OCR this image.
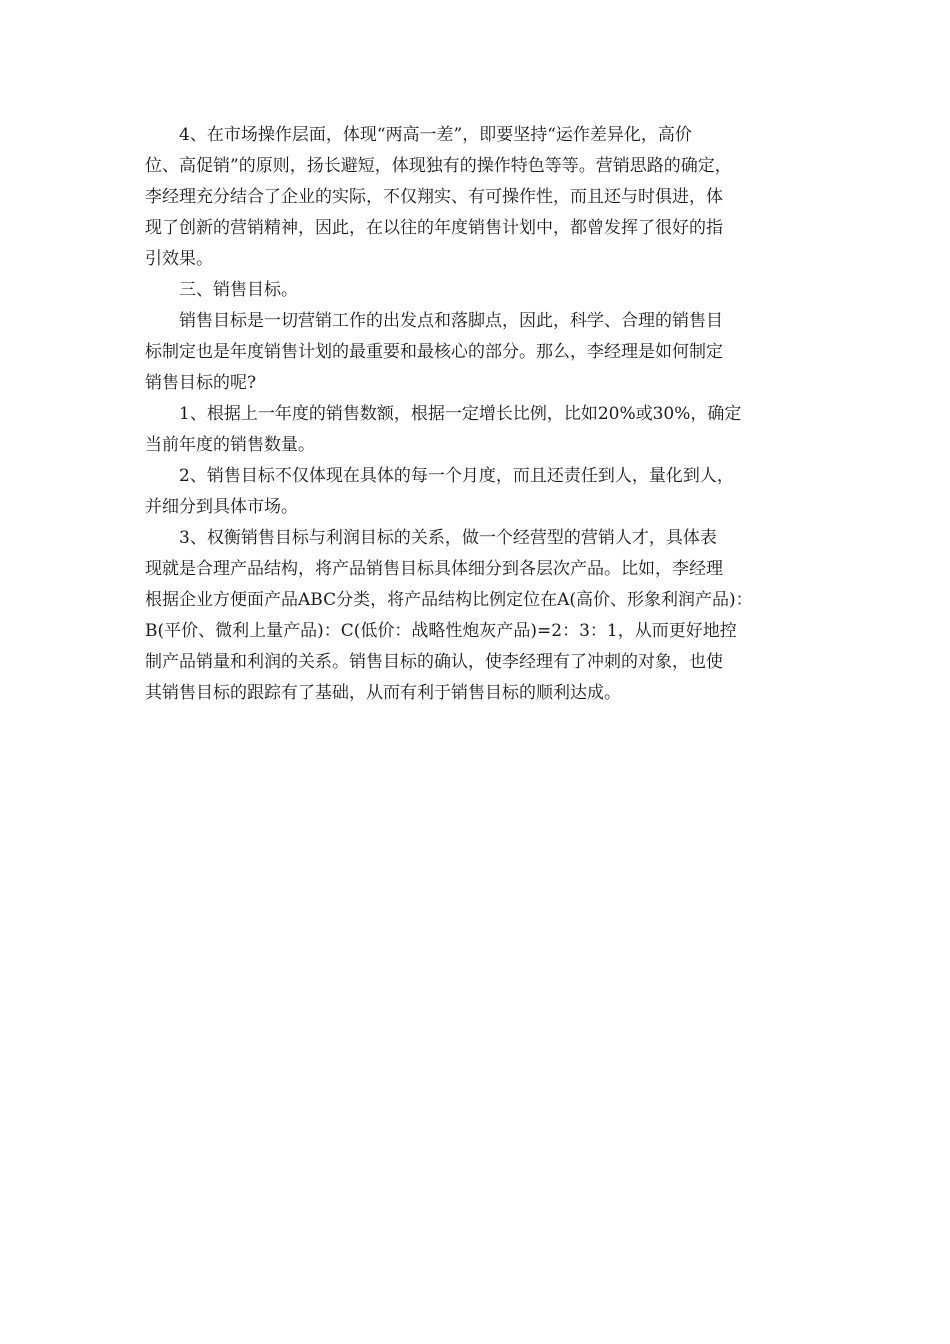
4、在市场操作层面，体现“两高一差”，即要坚持“运作差异化，高价
位、高促销”的原则，扬长避短，体现独有的操作特色等等。营销思路的确定，
李经理充分结合了企业的实际，不仅翔实、有可操作性，而且还与时俱进，体
现了创新的营销精神，因此，在以往的年度销售计划中，都曾发挥了很好的指
引效果。

三、销售目标。

销售目标是一切营销工作的出发点和落脚点，因此，科学、合理的销售目
标制定也是年度销售计划的最重要和最核心的部分。那么，李经理是如何制定
销售目标的呢?

1、根据上一年度的销售数额，根据一定增长比例，比如20%或30%，确定
当前年度的销售数量。

2、销售目标不仅体现在具体的每一个月度，而且还责任到人，量化到人，
并细分到具体市场。

3、权衡销售目标与利润目标的关系，做一个经营型的营销人才，具体表
现就是合理产品结构，将产品销售目标具体细分到各层次产品。比如，李经理
根据企业方便面产品ABC分类，将产品结构比例定位在A(高价、形象利润产品)：
B(平价、微利上量产品)：C(低价：战略性炮灰产品)=2：3：1，从而更好地控
制产品销量和利润的关系。销售目标的确认，使李经理有了冲刺的对象，也使
其销售目标的跟踪有了基础，从而有利于销售目标的顺利达成。
